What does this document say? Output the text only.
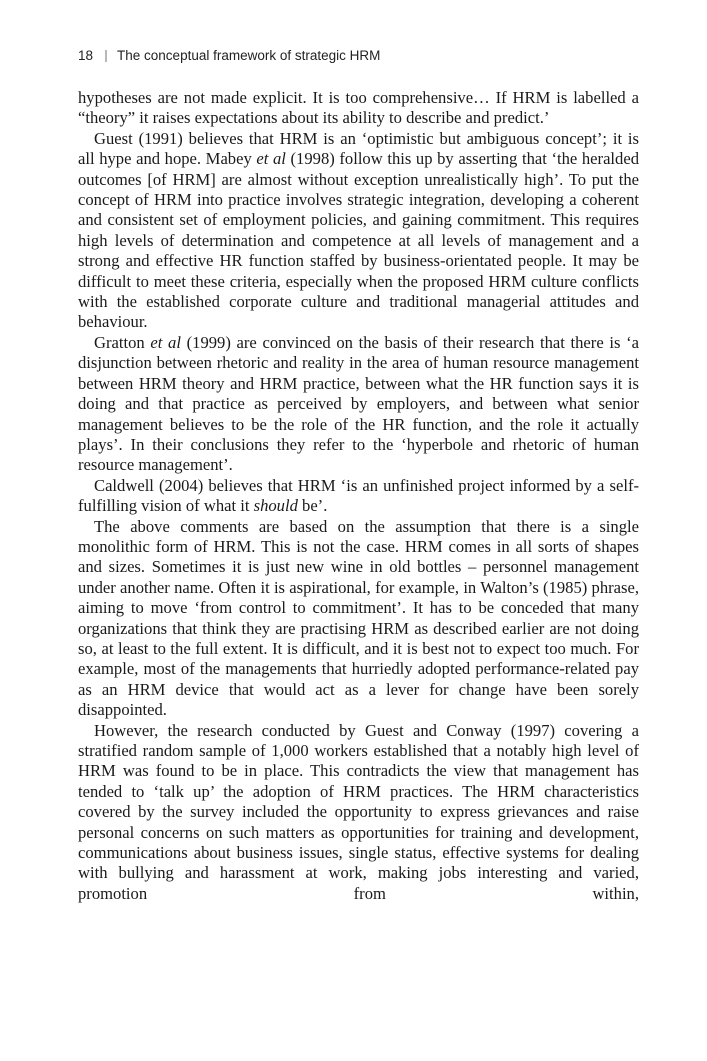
18 The conceptual framework of strategic HRM

hypotheses are not made explicit. It is too comprehensive… If HRM is labelled a “theory” it raises expectations about its ability to describe and predict.’

Guest (1991) believes that HRM is an ‘optimistic but ambiguous concept’; it is all hype and hope. Mabey et al (1998) follow this up by asserting that ‘the heralded outcomes [of HRM] are almost without exception unrealistically high’. To put the concept of HRM into practice involves strategic integration, developing a coherent and consistent set of employment policies, and gaining commitment. This requires high levels of determination and competence at all levels of management and a strong and effective HR function staffed by business-orientated people. It may be difficult to meet these criteria, especially when the proposed HRM culture conflicts with the established corporate culture and traditional managerial attitudes and behaviour.

Gratton et al (1999) are convinced on the basis of their research that there is ‘a disjunction between rhetoric and reality in the area of human resource management between HRM theory and HRM practice, between what the HR function says it is doing and that practice as perceived by employers, and between what senior management believes to be the role of the HR function, and the role it actually plays’. In their conclusions they refer to the ‘hyperbole and rhetoric of human resource management’.

Caldwell (2004) believes that HRM ‘is an unfinished project informed by a self-fulfilling vision of what it should be’.

The above comments are based on the assumption that there is a single monolithic form of HRM. This is not the case. HRM comes in all sorts of shapes and sizes. Sometimes it is just new wine in old bottles – personnel management under another name. Often it is aspirational, for example, in Walton’s (1985) phrase, aiming to move ‘from control to commitment’. It has to be conceded that many organizations that think they are practising HRM as described earlier are not doing so, at least to the full extent. It is difficult, and it is best not to expect too much. For example, most of the managements that hurriedly adopted performance-related pay as an HRM device that would act as a lever for change have been sorely disappointed.

However, the research conducted by Guest and Conway (1997) covering a stratified random sample of 1,000 workers established that a notably high level of HRM was found to be in place. This contradicts the view that management has tended to ‘talk up’ the adoption of HRM practices. The HRM characteristics covered by the survey included the opportunity to express grievances and raise personal concerns on such matters as opportunities for training and development, communications about business issues, single status, effective systems for dealing with bullying and harassment at work, making jobs interesting and varied, promotion from within,
